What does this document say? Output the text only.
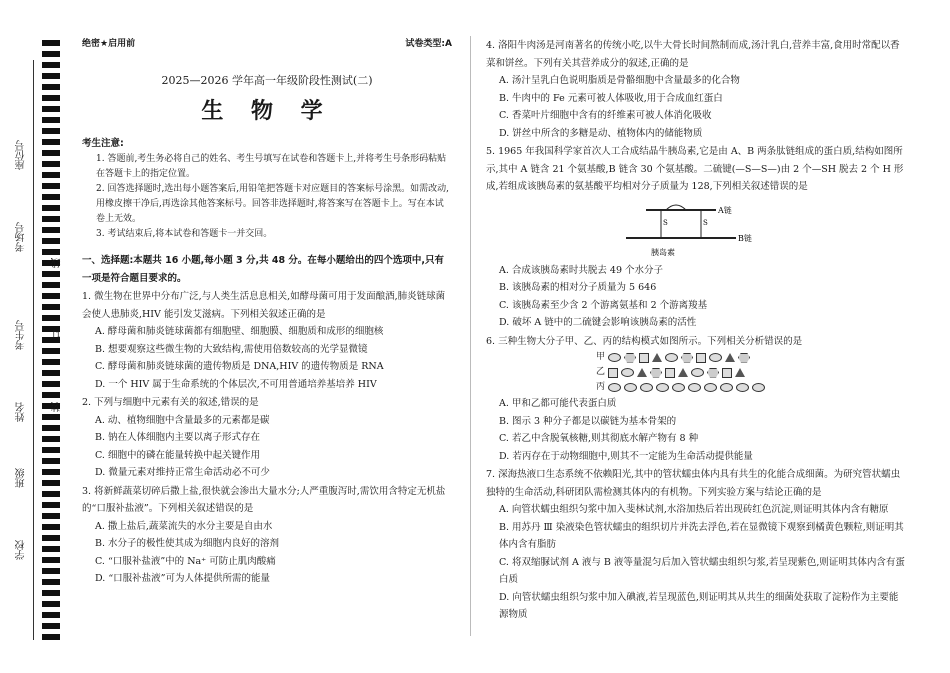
座位号
考场号
考生号
姓名
班级
学校
线
订
装
绝密★启用前	试卷类型:A
2025—2026 学年高一年级阶段性测试(二)
生 物 学
考生注意:
1. 答题前,考生务必将自己的姓名、考生号填写在试卷和答题卡上,并将考生号条形码粘贴在答题卡上的指定位置。
2. 回答选择题时,选出每小题答案后,用铅笔把答题卡对应题目的答案标号涂黑。如需改动,用橡皮擦干净后,再选涂其他答案标号。回答非选择题时,将答案写在答题卡上。写在本试卷上无效。
3. 考试结束后,将本试卷和答题卡一并交回。
一、选择题:本题共 16 小题,每小题 3 分,共 48 分。在每小题给出的四个选项中,只有一项是符合题目要求的。
1. 微生物在世界中分布广泛,与人类生活息息相关,如酵母菌可用于发面酿酒,肺炎链球菌会使人患肺炎,HIV 能引发艾滋病。下列相关叙述正确的是
A. 酵母菌和肺炎链球菌都有细胞壁、细胞膜、细胞质和成形的细胞核
B. 想要观察这些微生物的大致结构,需使用倍数较高的光学显微镜
C. 酵母菌和肺炎链球菌的遗传物质是 DNA,HIV 的遗传物质是 RNA
D. 一个 HIV 属于生命系统的个体层次,不可用普通培养基培养 HIV
2. 下列与细胞中元素有关的叙述,错误的是
A. 动、植物细胞中含量最多的元素都是碳
B. 钠在人体细胞内主要以离子形式存在
C. 细胞中的磷在能量转换中起关键作用
D. 微量元素对维持正常生命活动必不可少
3. 将新鲜蔬菜切碎后撒上盐,很快就会渗出大量水分;人严重腹泻时,需饮用含特定无机盐的“口服补盐液”。下列相关叙述错误的是
A. 撒上盐后,蔬菜流失的水分主要是自由水
B. 水分子的极性使其成为细胞内良好的溶剂
C. “口服补盐液”中的 Na⁺ 可防止肌肉酸痛
D. “口服补盐液”可为人体提供所需的能量
4. 洛阳牛肉汤是河南著名的传统小吃,以牛大骨长时间熬制而成,汤汁乳白,营养丰富,食用时常配以香菜和饼丝。下列有关其营养成分的叙述,正确的是
A. 汤汁呈乳白色说明脂质是骨骼细胞中含量最多的化合物
B. 牛肉中的 Fe 元素可被人体吸收,用于合成血红蛋白
C. 香菜叶片细胞中含有的纤维素可被人体消化吸收
D. 饼丝中所含的多糖是动、植物体内的储能物质
5. 1965 年我国科学家首次人工合成结晶牛胰岛素,它是由 A、B 两条肽链组成的蛋白质,结构如图所示,其中 A 链含 21 个氨基酸,B 链含 30 个氨基酸。二硫键(—S—S—)由 2 个—SH 脱去 2 个 H 形成,若组成该胰岛素的氨基酸平均相对分子质量为 128,下列相关叙述错误的是
A链
B链
胰岛素
S	S
A. 合成该胰岛素时共脱去 49 个水分子
B. 该胰岛素的相对分子质量为 5 646
C. 该胰岛素至少含 2 个游离氨基和 2 个游离羧基
D. 破坏 A 链中的二硫键会影响该胰岛素的活性
6. 三种生物大分子甲、乙、丙的结构模式如图所示。下列相关分析错误的是
甲
乙
丙
A. 甲和乙都可能代表蛋白质
B. 图示 3 种分子都是以碳链为基本骨架的
C. 若乙中含脱氧核糖,则其彻底水解产物有 8 种
D. 若丙存在于动物细胞中,则其不一定能为生命活动提供能量
7. 深海热液口生态系统不依赖阳光,其中的管状蠕虫体内具有共生的化能合成细菌。为研究管状蠕虫独特的生命活动,科研团队需检测其体内的有机物。下列实验方案与结论正确的是
A. 向管状蠕虫组织匀浆中加入斐林试剂,水浴加热后若出现砖红色沉淀,则证明其体内含有糖原
B. 用苏丹 Ⅲ 染液染色管状蠕虫的组织切片并洗去浮色,若在显微镜下观察到橘黄色颗粒,则证明其体内含有脂肪
C. 将双缩脲试剂 A 液与 B 液等量混匀后加入管状蠕虫组织匀浆,若呈现紫色,则证明其体内含有蛋白质
D. 向管状蠕虫组织匀浆中加入碘液,若呈现蓝色,则证明其从共生的细菌处获取了淀粉作为主要能源物质
